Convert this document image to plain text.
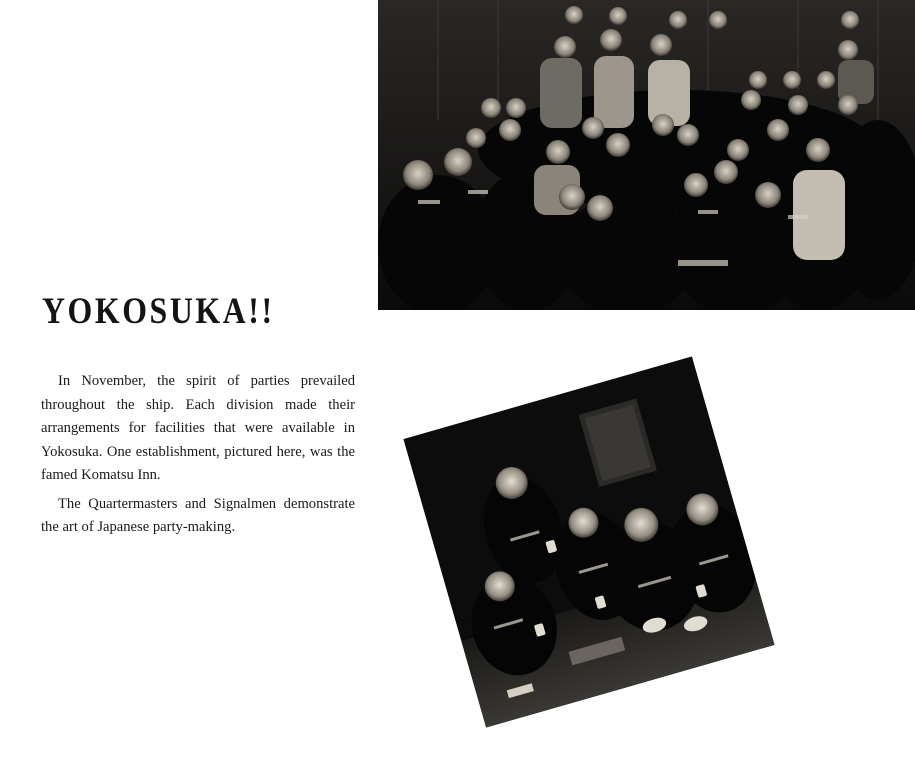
YOKOSUKA!!

In November, the spirit of parties prevailed throughout the ship. Each division made their arrangements for facilities that were available in Yokosuka. One establishment, pictured here, was the famed Komatsu Inn.

The Quartermasters and Signalmen demonstrate the art of Japanese party-making.
